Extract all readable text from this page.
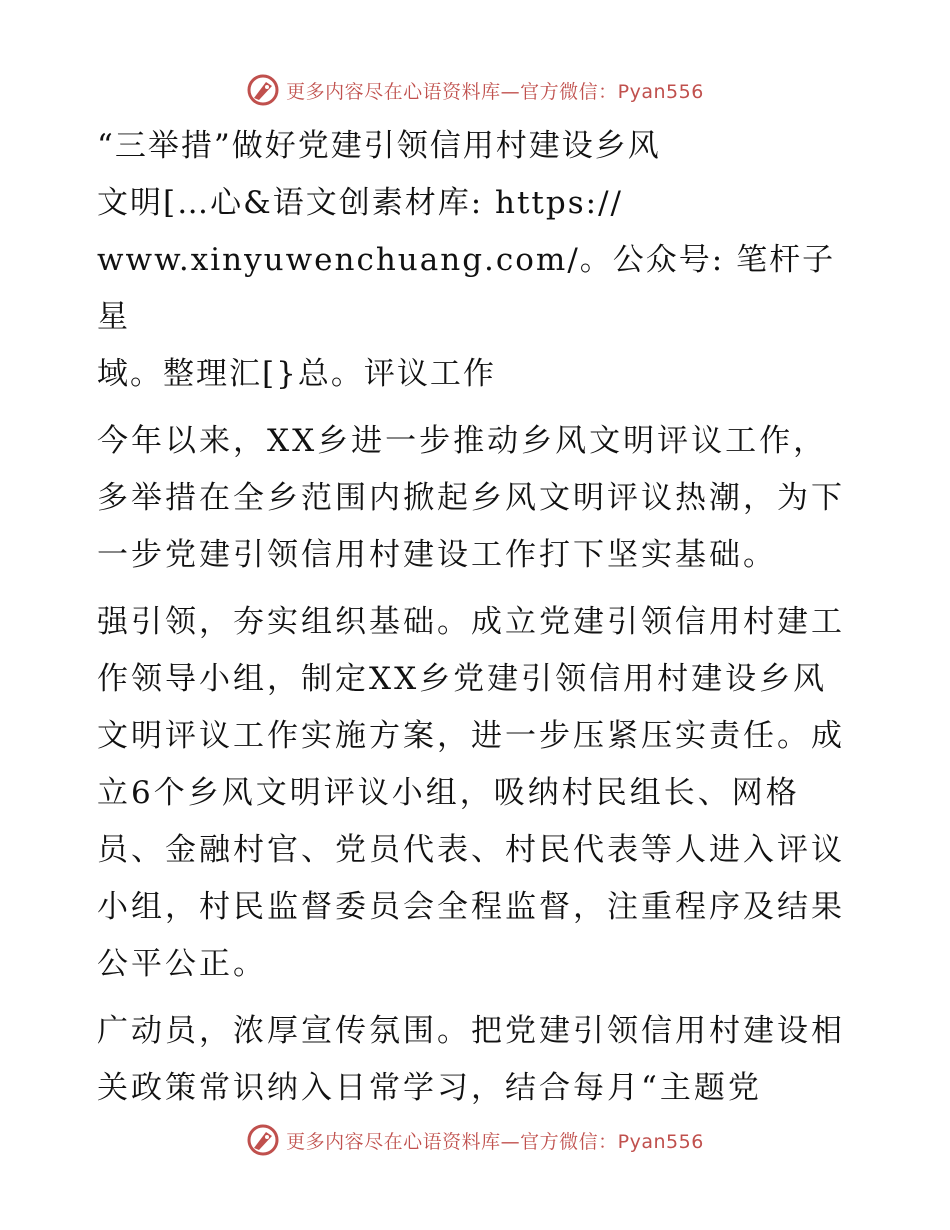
更多内容尽在心语资料库—官方微信：Pyan556
“三举措”做好党建引领信用村建设乡风
文明[…心&语文创素材库: https://
www.xinyuwenchuang.com/。公众号: 笔杆子星
域。整理汇[}总。评议工作

今年以来，XX乡进一步推动乡风文明评议工作，多举措在全乡范围内掀起乡风文明评议热潮，为下一步党建引领信用村建设工作打下坚实基础。

强引领，夯实组织基础。成立党建引领信用村建工作领导小组，制定XX乡党建引领信用村建设乡风文明评议工作实施方案，进一步压紧压实责任。成立6个乡风文明评议小组，吸纳村民组长、网格员、金融村官、党员代表、村民代表等人进入评议小组，村民监督委员会全程监督，注重程序及结果公平公正。

广动员，浓厚宣传氛围。把党建引领信用村建设相关政策常识纳入日常学习，结合每月“主题党

更多内容尽在心语资料库—官方微信：Pyan556
